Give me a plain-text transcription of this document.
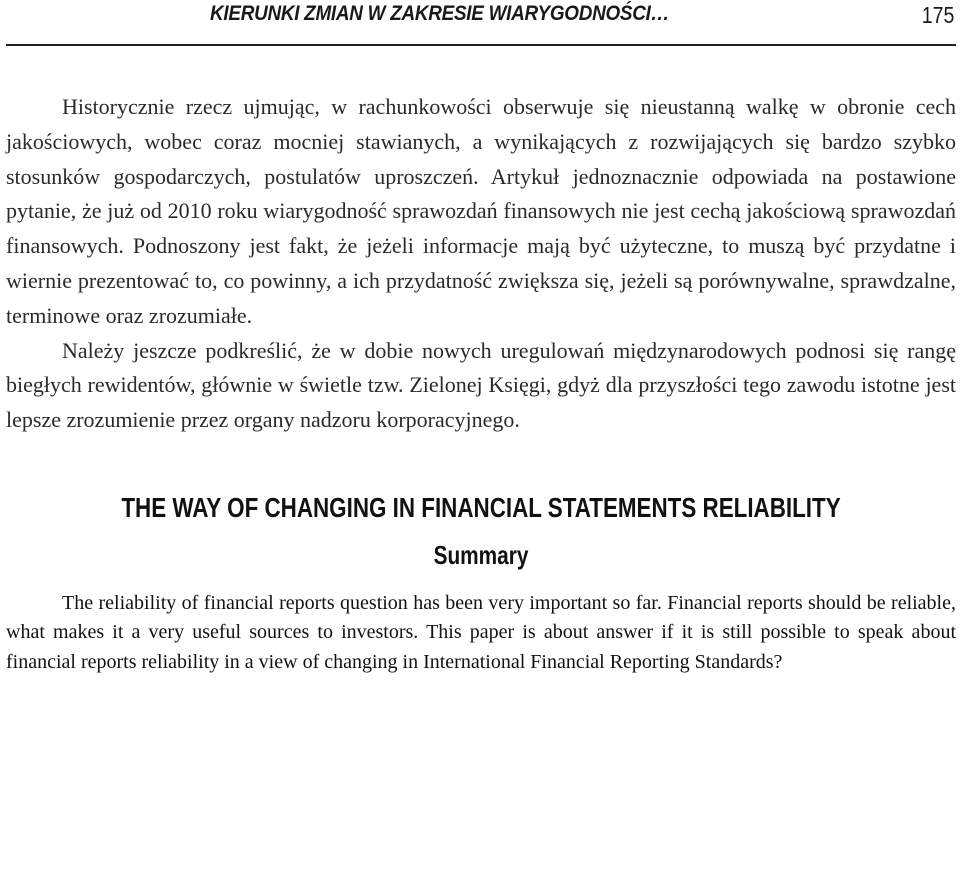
KIERUNKI ZMIAN W ZAKRESIE WIARYGODNOŚCI…	175

Historycznie rzecz ujmując, w rachunkowości obserwuje się nieustanną walkę w obronie cech jakościowych, wobec coraz mocniej stawianych, a wynikających z rozwijających się bardzo szybko stosunków gospodarczych, postulatów uproszczeń. Artykuł jednoznacznie odpowiada na postawione pytanie, że już od 2010 roku wiarygodność sprawozdań finansowych nie jest cechą jakościową sprawozdań finansowych. Podnoszony jest fakt, że jeżeli informacje mają być użyteczne, to muszą być przydatne i wiernie prezentować to, co powinny, a ich przydatność zwiększa się, jeżeli są porównywalne, sprawdzalne, terminowe oraz zrozumiałe.

Należy jeszcze podkreślić, że w dobie nowych uregulowań międzynarodowych podnosi się rangę biegłych rewidentów, głównie w świetle tzw. Zielonej Księgi, gdyż dla przyszłości tego zawodu istotne jest lepsze zrozumienie przez organy nadzoru korporacyjnego.

THE WAY OF CHANGING IN FINANCIAL STATEMENTS RELIABILITY
Summary

The reliability of financial reports question has been very important so far. Financial reports should be reliable, what makes it a very useful sources to investors. This paper is about answer if it is still possible to speak about financial reports reliability in a view of changing in International Financial Reporting Standards?
